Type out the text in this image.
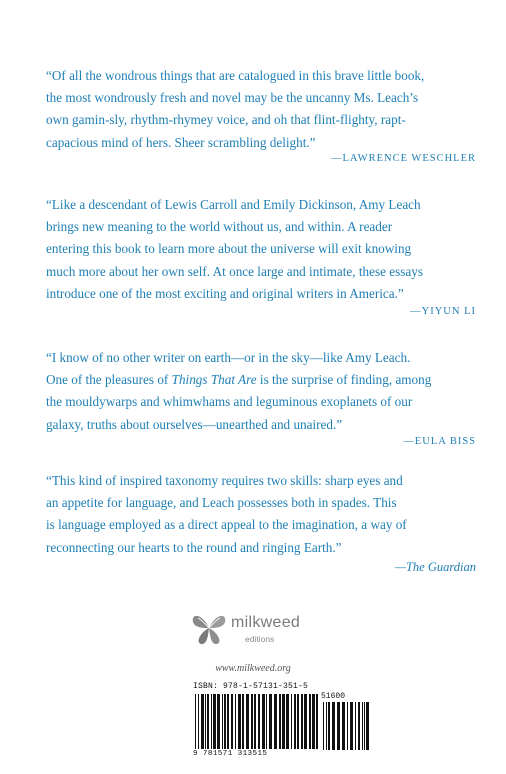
“Of all the wondrous things that are catalogued in this brave little book,

the most wondrously fresh and novel may be the uncanny Ms. Leach’s

own gamin-sly, rhythm-rhymey voice, and oh that flint-flighty, rapt-

capacious mind of hers. Sheer scrambling delight.”

—LAWRENCE WESCHLER

“Like a descendant of Lewis Carroll and Emily Dickinson, Amy Leach

brings new meaning to the world without us, and within. A reader

entering this book to learn more about the universe will exit knowing

much more about her own self. At once large and intimate, these essays

introduce one of the most exciting and original writers in America.”

—YIYUN LI

“I know of no other writer on earth—or in the sky—like Amy Leach.

One of the pleasures of Things That Are is the surprise of finding, among

the mouldywarps and whimwhams and leguminous exoplanets of our

galaxy, truths about ourselves—unearthed and unaired.”

—EULA BISS

“This kind of inspired taxonomy requires two skills: sharp eyes and

an appetite for language, and Leach possesses both in spades. This

is language employed as a direct appeal to the imagination, a way of

reconnecting our hearts to the round and ringing Earth.”

—The Guardian
milkweed
editions
www.milkweed.org
ISBN: 978-1-57131-351-5
51600
9 781571 313515
